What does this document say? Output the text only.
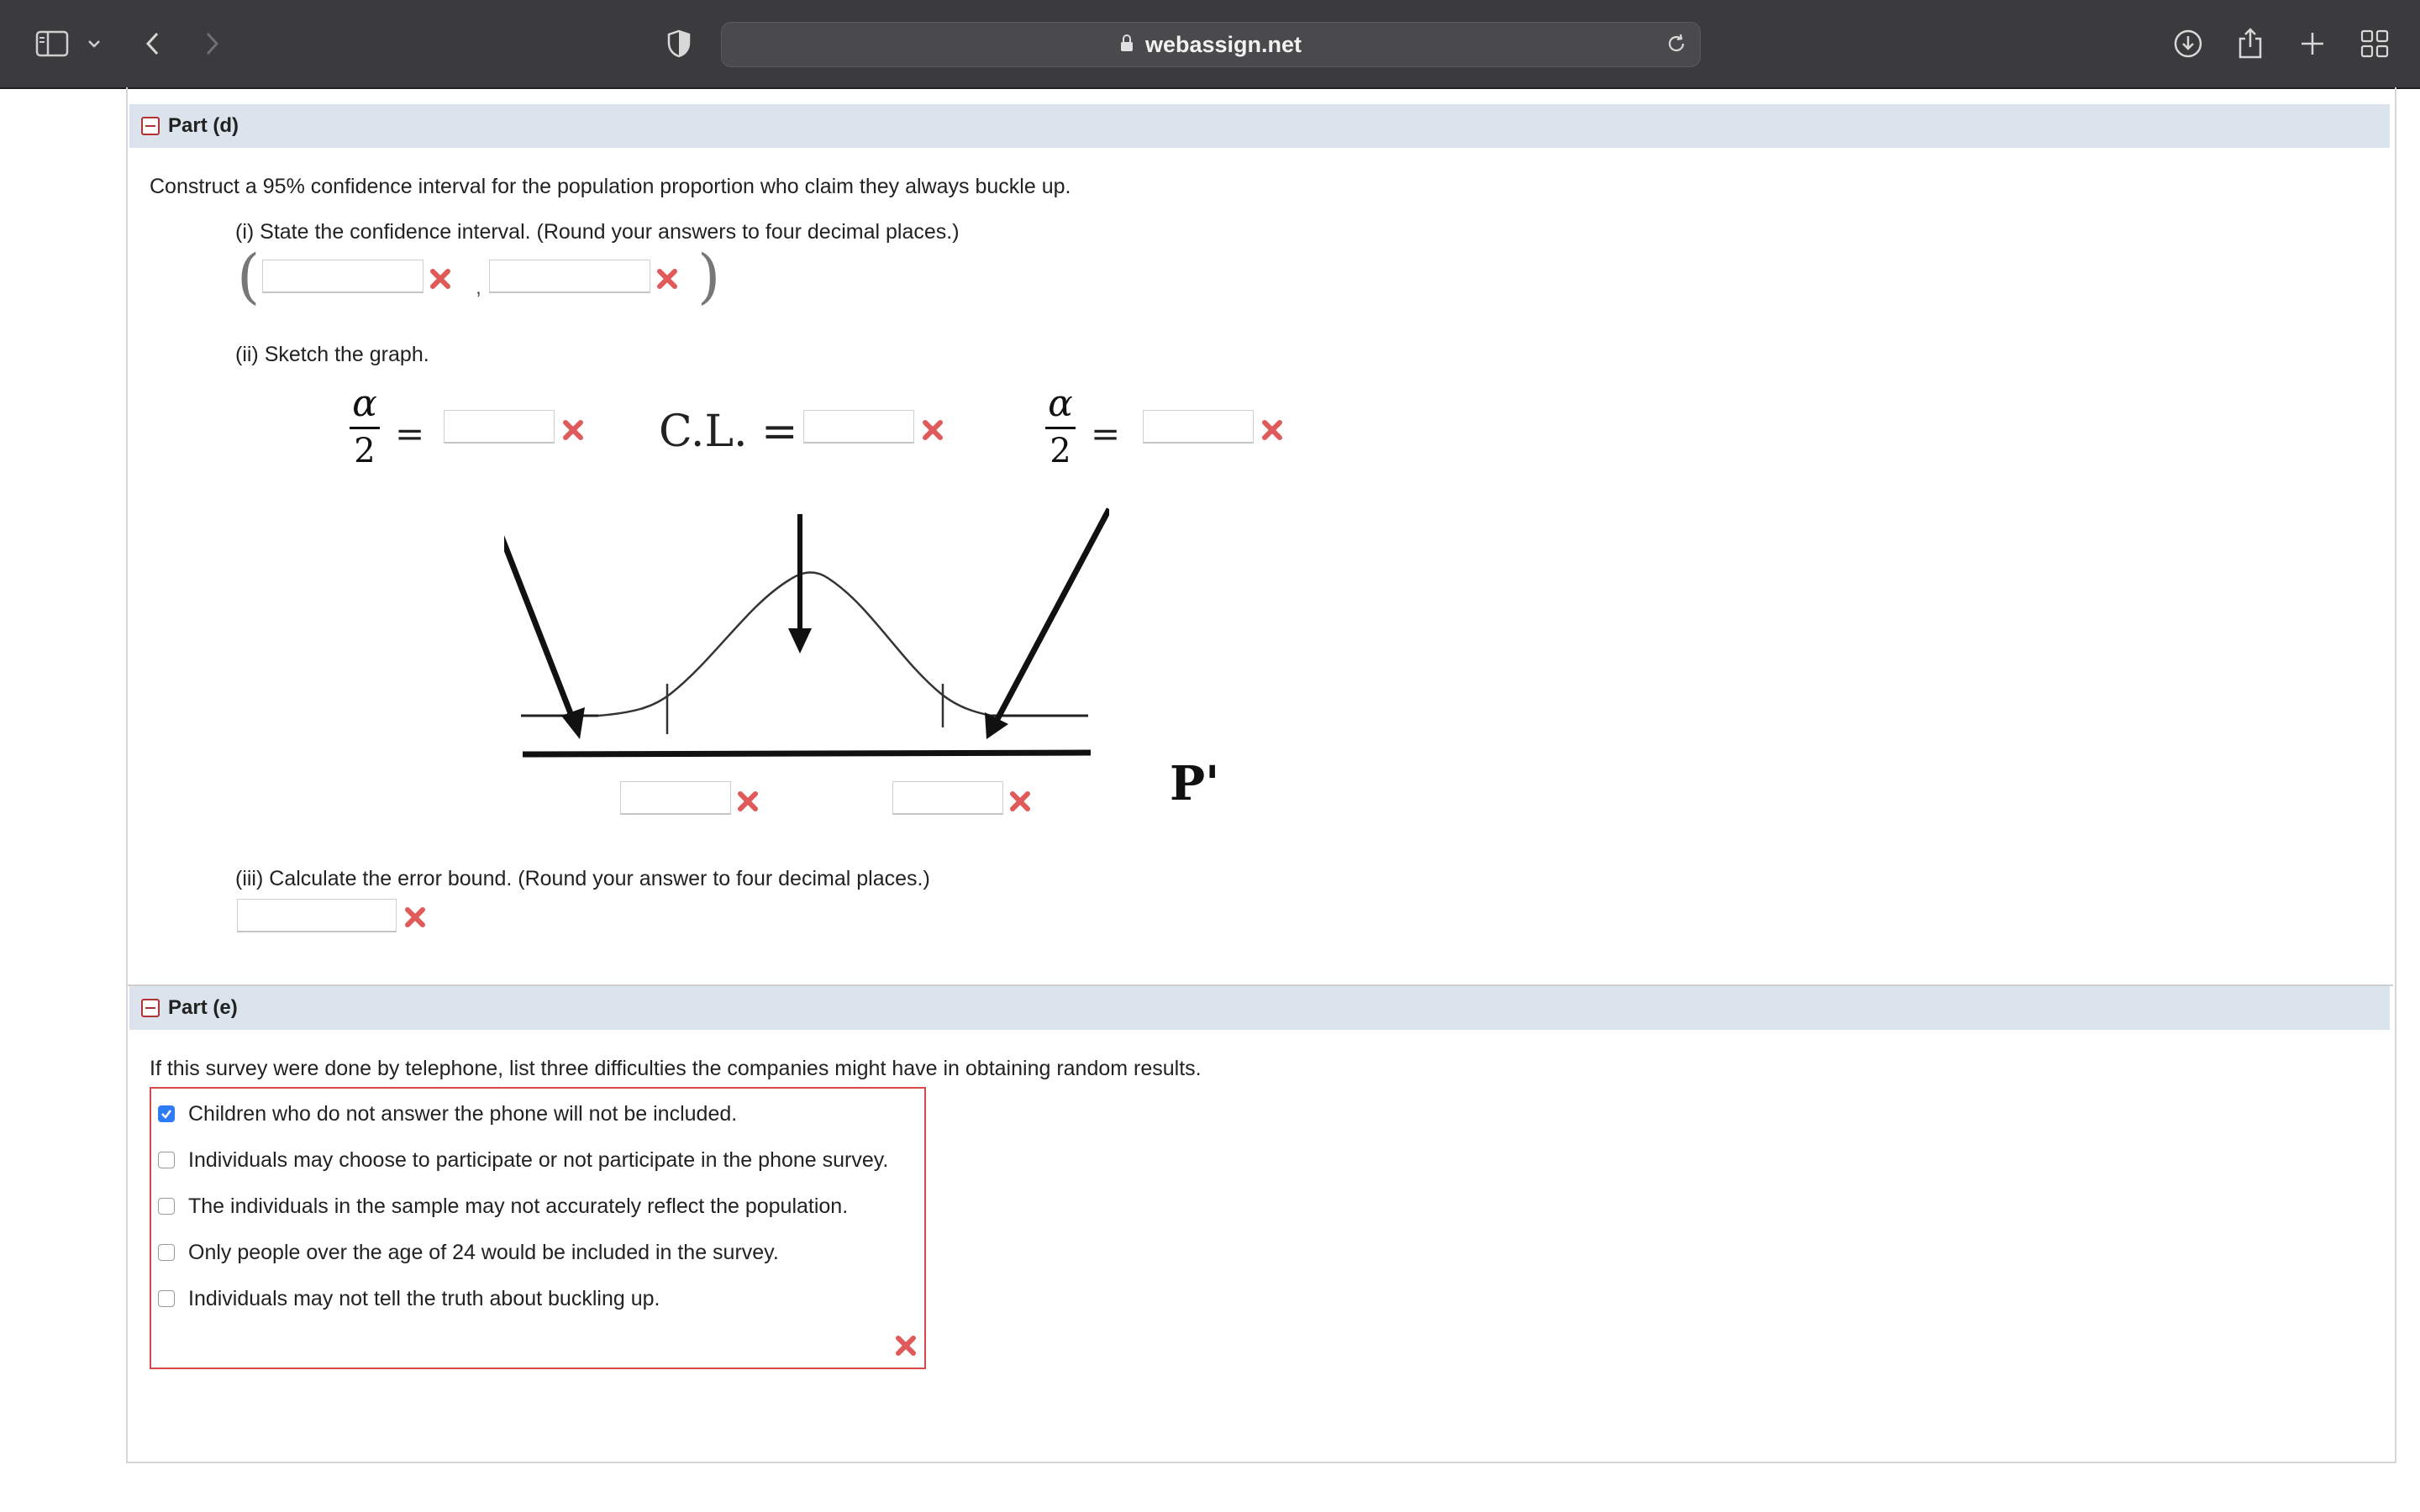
webassign.net
Part (d)
Construct a 95% confidence interval for the population proportion who claim they always buckle up.
(i) State the confidence interval. (Round your answers to four decimal places.)
(	,	)
(ii) Sketch the graph.
α
2 =	C.L. =
α
2 =
P'
(iii) Calculate the error bound. (Round your answer to four decimal places.)
Part (e)
If this survey were done by telephone, list three difficulties the companies might have in obtaining random results.
Children who do not answer the phone will not be included.
Individuals may choose to participate or not participate in the phone survey.
The individuals in the sample may not accurately reflect the population.
Only people over the age of 24 would be included in the survey.
Individuals may not tell the truth about buckling up.
